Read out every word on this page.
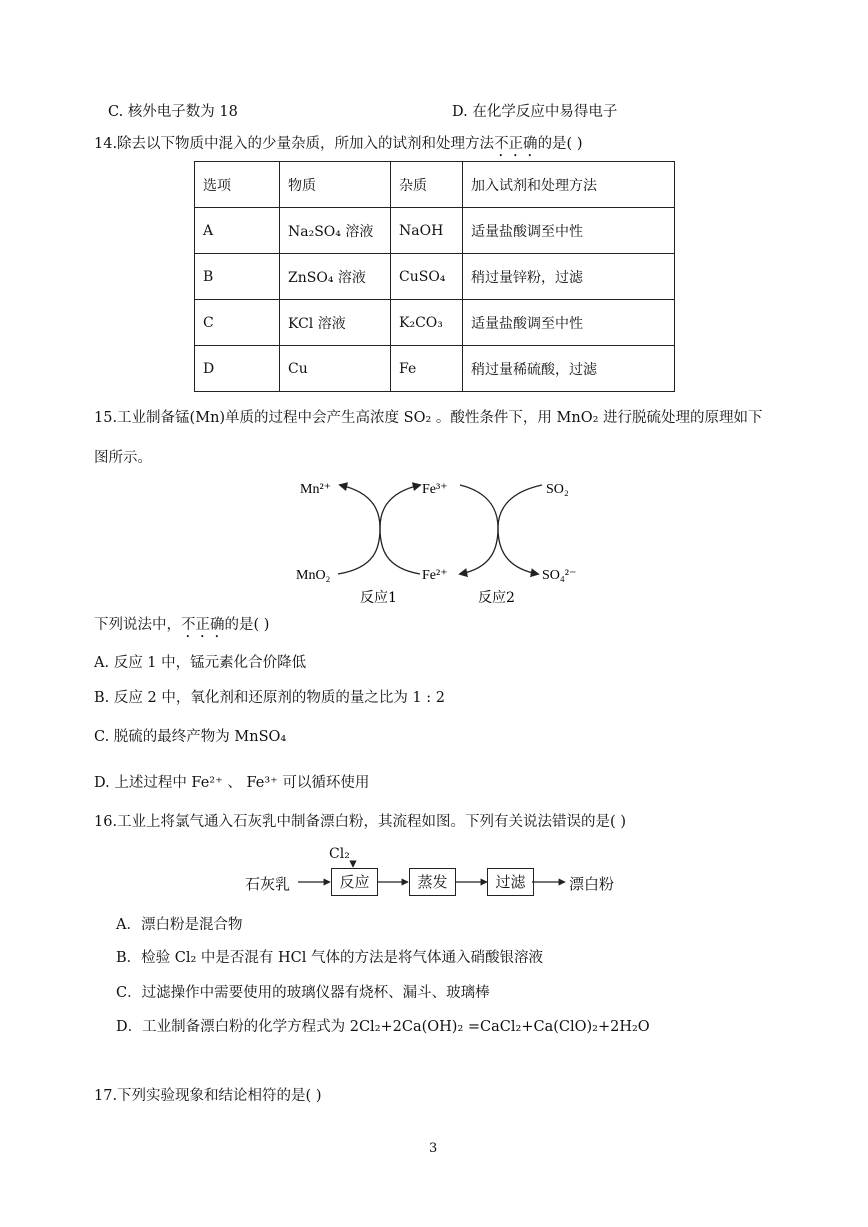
C. 核外电子数为 18	D. 在化学反应中易得电子
14.除去以下物质中混入的少量杂质，所加入的试剂和处理方法不正确的是( )
选项	物质	杂质	加入试剂和处理方法
A	Na₂SO₄ 溶液	NaOH	适量盐酸调至中性
B	ZnSO₄ 溶液	CuSO₄	稍过量锌粉，过滤
C	KCl 溶液	K₂CO₃	适量盐酸调至中性
D	Cu	Fe	稍过量稀硫酸，过滤
15.工业制备锰(Mn)单质的过程中会产生高浓度 SO₂ 。酸性条件下，用 MnO₂ 进行脱硫处理的原理如下
图所示。
Mn²⁺	Fe³⁺	SO₂
MnO₂	Fe²⁺	SO₄²⁻
反应1	反应2
下列说法中，不正确的是( )
A. 反应 1 中，锰元素化合价降低
B. 反应 2 中，氧化剂和还原剂的物质的量之比为 1 : 2
C. 脱硫的最终产物为 MnSO₄
D. 上述过程中 Fe²⁺ 、 Fe³⁺ 可以循环使用
16.工业上将氯气通入石灰乳中制备漂白粉，其流程如图。下列有关说法错误的是( )
Cl₂
石灰乳	反应	蒸发	过滤	漂白粉
A．漂白粉是混合物
B．检验 Cl₂ 中是否混有 HCl 气体的方法是将气体通入硝酸银溶液
C．过滤操作中需要使用的玻璃仪器有烧杯、漏斗、玻璃棒
D．工业制备漂白粉的化学方程式为 2Cl₂+2Ca(OH)₂ =CaCl₂+Ca(ClO)₂+2H₂O
17.下列实验现象和结论相符的是( )
3
